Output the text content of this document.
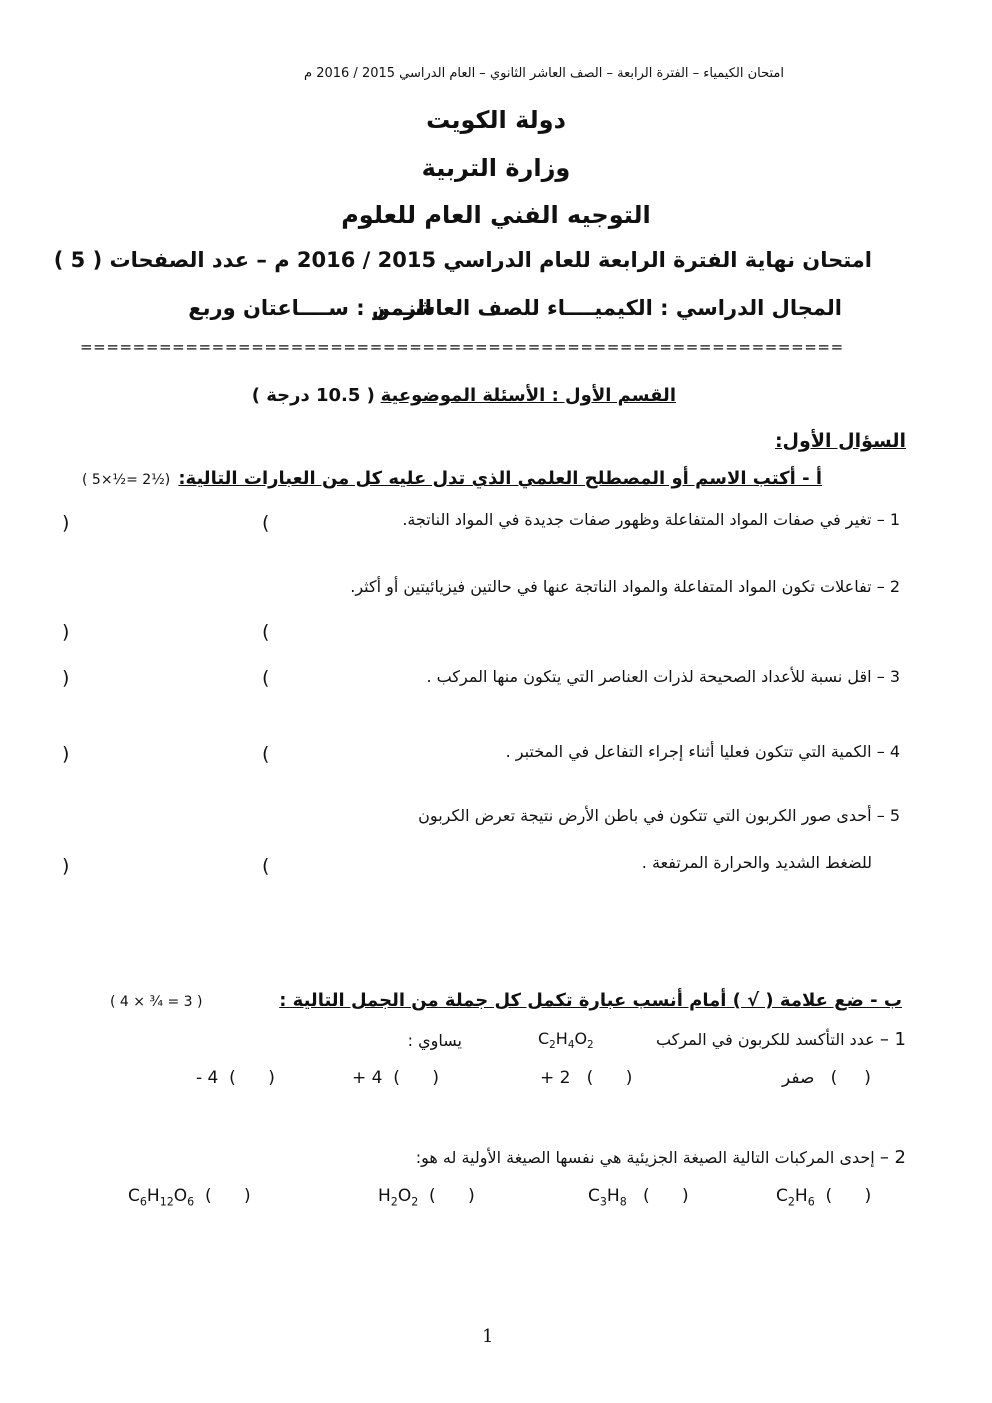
امتحان الكيمياء – الفترة الرابعة – الصف العاشر الثانوي – العام الدراسي 2015 / 2016 م
دولة الكويت
وزارة التربية
التوجيه الفني العام للعلوم
امتحان نهاية الفترة الرابعة للعام الدراسي 2015 / 2016 م – عدد الصفحات ( 5 )
المجال الدراسي : الكيميــــاء للصف العاشــــر
الزمن : ســــاعتان وربع
==========================================================
القسم الأول : الأسئلة الموضوعية ( 10.5 درجة )
السؤال الأول:
أ - أكتب الاسم أو المصطلح العلمي الذي تدل عليه كل من العبارات التالية:
( 5×½= 2½)
1 – تغير في صفات المواد المتفاعلة وظهور صفات جديدة في المواد الناتجة.
2 – تفاعلات تكون المواد المتفاعلة والمواد الناتجة عنها في حالتين فيزيائيتين أو أكثر.
3 – اقل نسبة للأعداد الصحيحة لذرات العناصر التي يتكون منها المركب .
4 – الكمية التي تتكون فعليا أثناء إجراء التفاعل في المختبر .
5 – أحدى صور الكربون التي تتكون في باطن الأرض نتيجة تعرض الكربون
للضغط الشديد والحرارة المرتفعة .
(
)
(
)
(
)
(
)
(
)
ب - ضع علامة ( √ ) أمام أنسب عبارة تكمل كل جملة من الجمل التالية :
( 4 × ¾ = 3 )
1 – عدد التأكسد للكربون في المركب
$C_2H_4O_2$
يساوي :
صفر   (     )
+ 2   (      )
+ 4  (      )
- 4  (      )
2 – إحدى المركبات التالية الصيغة الجزيئية هي نفسها الصيغة الأولية له هو:
$C_2H_6$  (      )
$C_3H_8$   (      )
$H_2O_2$  (      )
$C_6H_{12}O_6$  (      )
1
